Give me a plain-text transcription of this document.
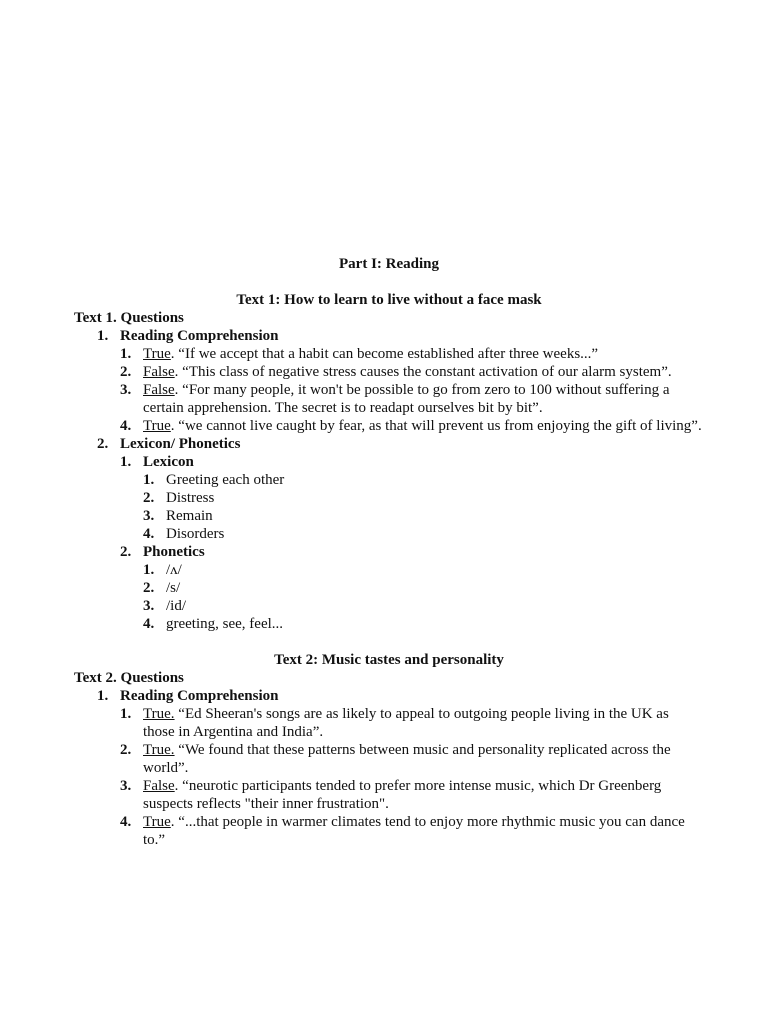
Part I: Reading
Text 1: How to learn to live without a face mask
Text 1. Questions
1. Reading Comprehension
1. True. “If we accept that a habit can become established after three weeks...”
2. False. “This class of negative stress causes the constant activation of our alarm system”.
3. False. “For many people, it won't be possible to go from zero to 100 without suffering a certain apprehension. The secret is to readapt ourselves bit by bit”.
4. True. “we cannot live caught by fear, as that will prevent us from enjoying the gift of living”.
2. Lexicon/ Phonetics
1. Lexicon
1. Greeting each other
2. Distress
3. Remain
4. Disorders
2. Phonetics
1. /ʌ/
2. /s/
3. /id/
4. greeting, see, feel...
Text 2: Music tastes and personality
Text 2. Questions
1. Reading Comprehension
1. True. “Ed Sheeran's songs are as likely to appeal to outgoing people living in the UK as those in Argentina and India”.
2. True. “We found that these patterns between music and personality replicated across the world”.
3. False. “neurotic participants tended to prefer more intense music, which Dr Greenberg suspects reflects "their inner frustration".
4. True. “...that people in warmer climates tend to enjoy more rhythmic music you can dance to.”
